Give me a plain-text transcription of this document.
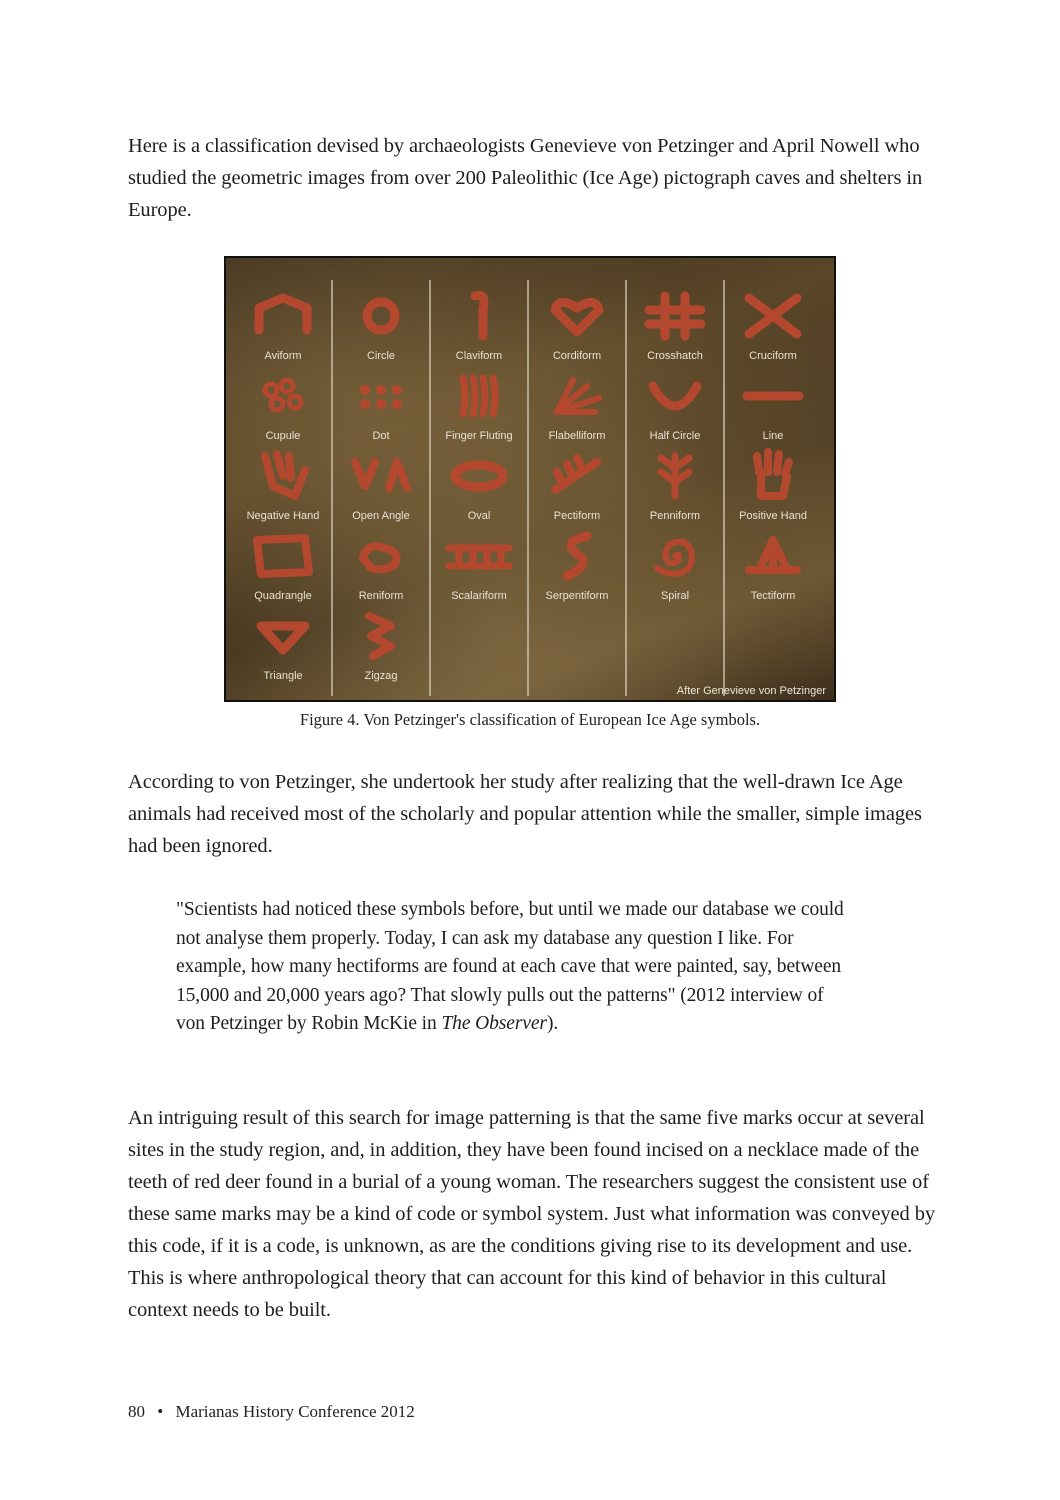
Here is a classification devised by archaeologists Genevieve von Petzinger and April Nowell who studied the geometric images from over 200 Paleolithic (Ice Age) pictograph caves and shelters in Europe.

Aviform	Circle	Claviform	Cordiform	Crosshatch	Cruciform
Cupule	Dot	Finger Fluting	Flabelliform	Half Circle	Line
Negative Hand	Open Angle	Oval	Pectiform	Penniform	Positive Hand
Quadrangle	Reniform	Scalariform	Serpentiform	Spiral	Tectiform
Triangle	Zigzag
After Genevieve von Petzinger
Figure 4. Von Petzinger's classification of European Ice Age symbols.

According to von Petzinger, she undertook her study after realizing that the well-drawn Ice Age animals had received most of the scholarly and popular attention while the smaller, simple images had been ignored.

"Scientists had noticed these symbols before, but until we made our database we could not analyse them properly. Today, I can ask my database any question I like. For example, how many hectiforms are found at each cave that were painted, say, between 15,000 and 20,000 years ago? That slowly pulls out the patterns" (2012 interview of von Petzinger by Robin McKie in The Observer).

An intriguing result of this search for image patterning is that the same five marks occur at several sites in the study region, and, in addition, they have been found incised on a necklace made of the teeth of red deer found in a burial of a young woman. The researchers suggest the consistent use of these same marks may be a kind of code or symbol system. Just what information was conveyed by this code, if it is a code, is unknown, as are the conditions giving rise to its development and use. This is where anthropological theory that can account for this kind of behavior in this cultural context needs to be built.

80 • Marianas History Conference 2012
